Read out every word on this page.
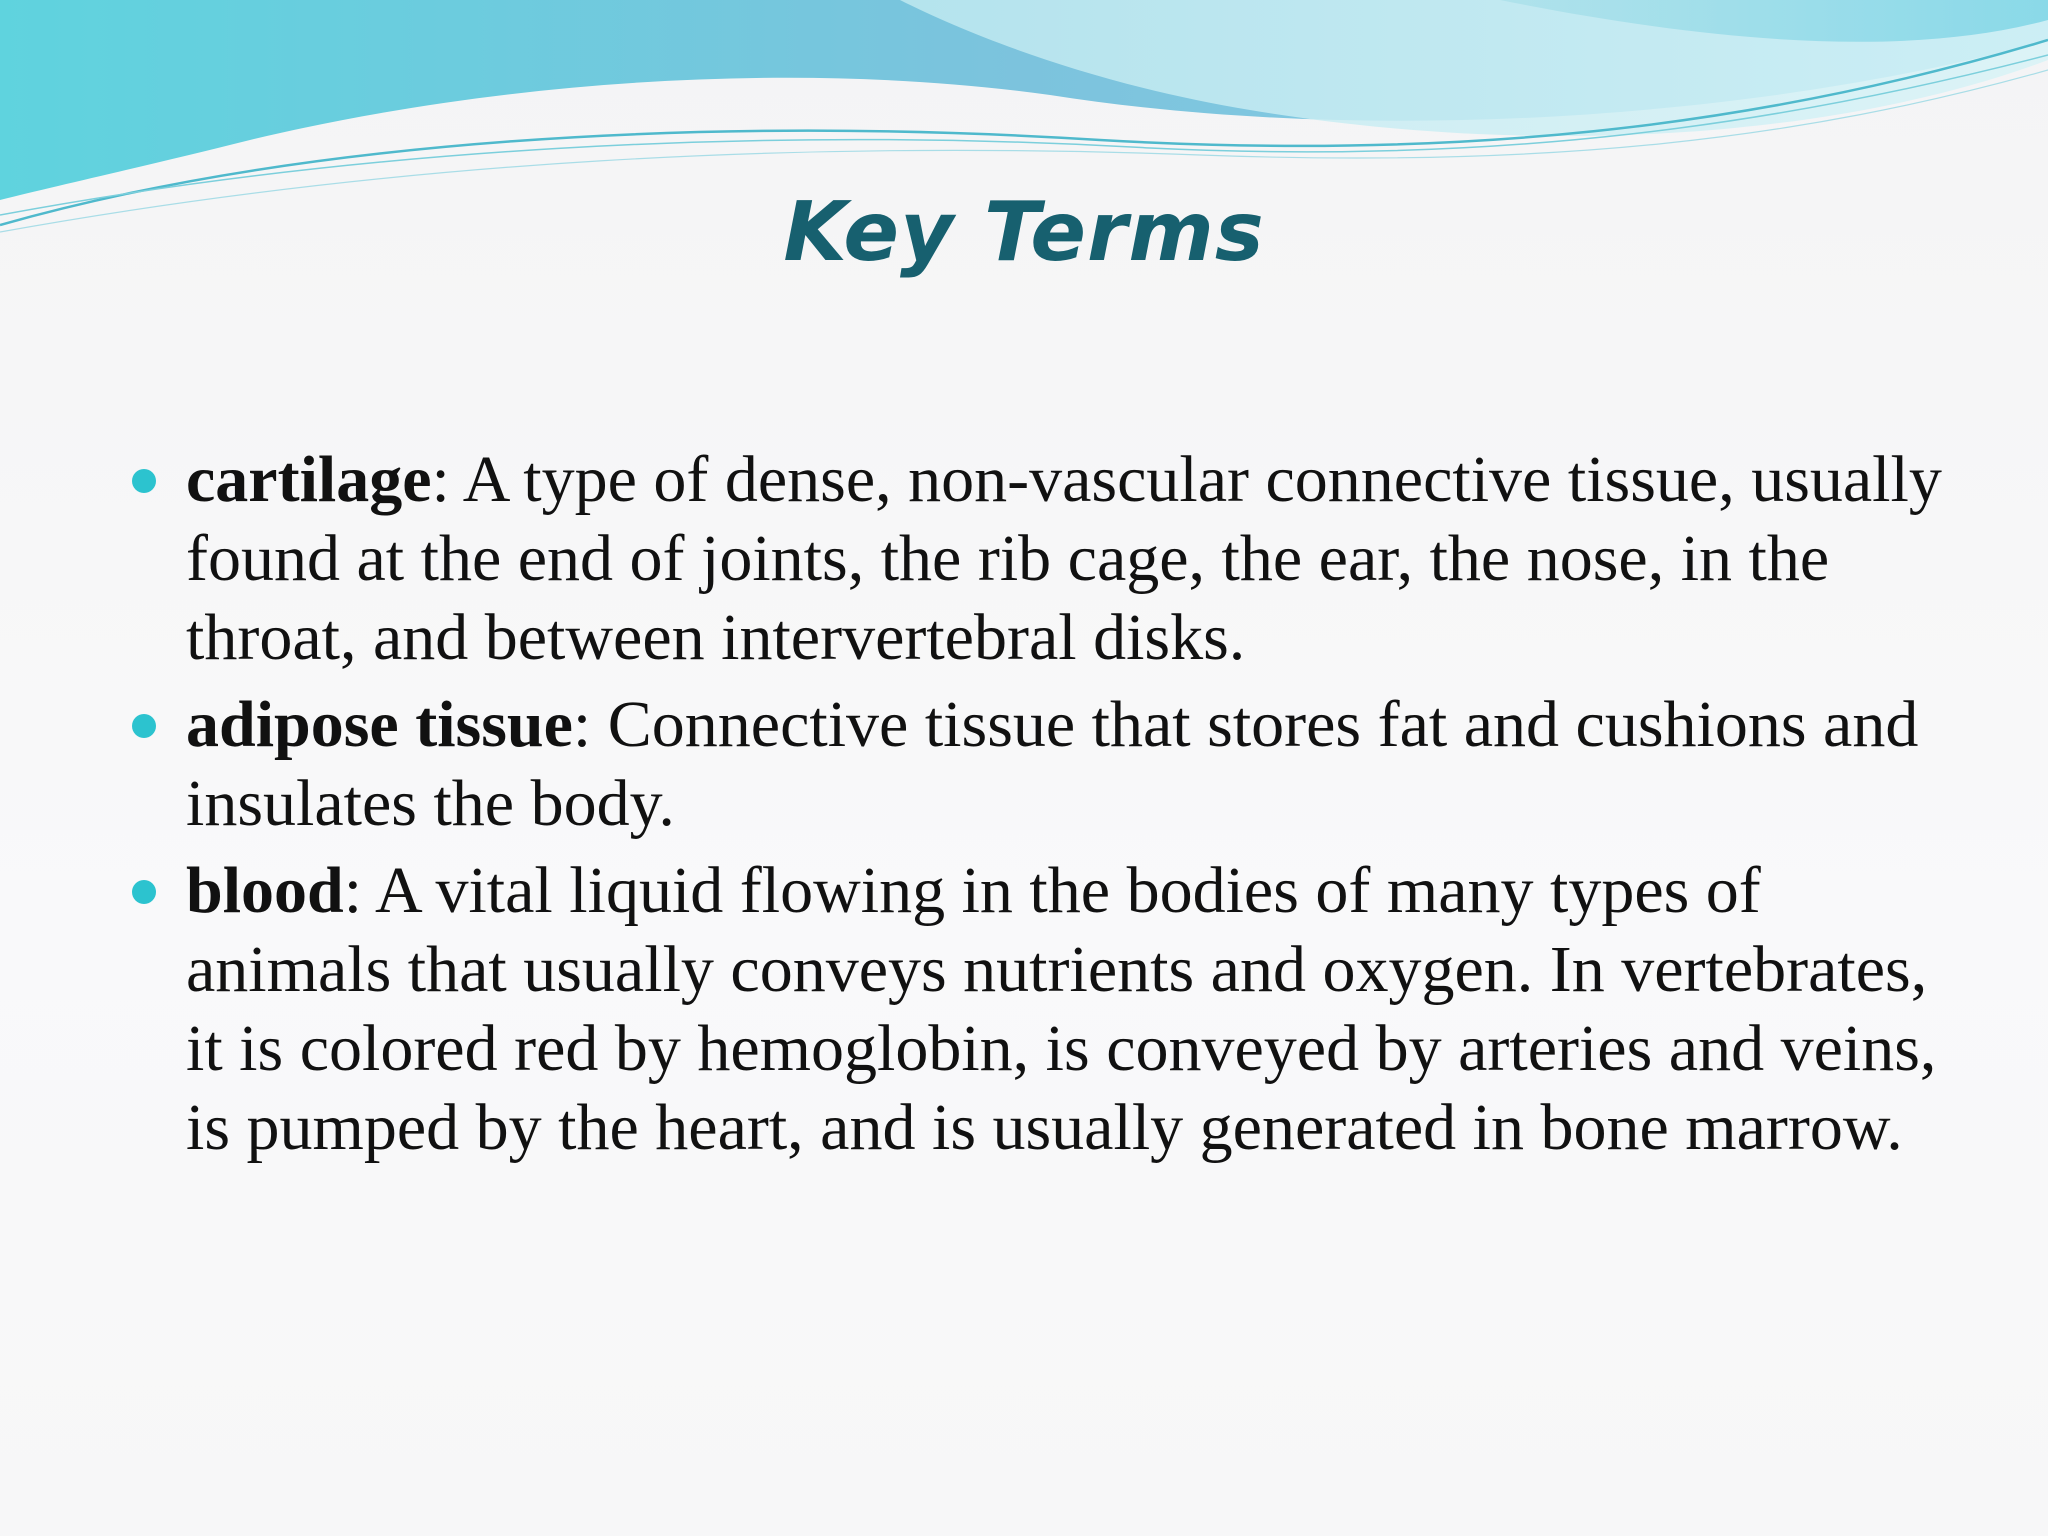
Key Terms
cartilage: A type of dense, non-vascular connective tissue, usually found at the end of joints, the rib cage, the ear, the nose, in the throat, and between intervertebral disks.
adipose tissue: Connective tissue that stores fat and cushions and insulates the body.
blood: A vital liquid flowing in the bodies of many types of animals that usually conveys nutrients and oxygen. In vertebrates, it is colored red by hemoglobin, is conveyed by arteries and veins, is pumped by the heart, and is usually generated in bone marrow.
